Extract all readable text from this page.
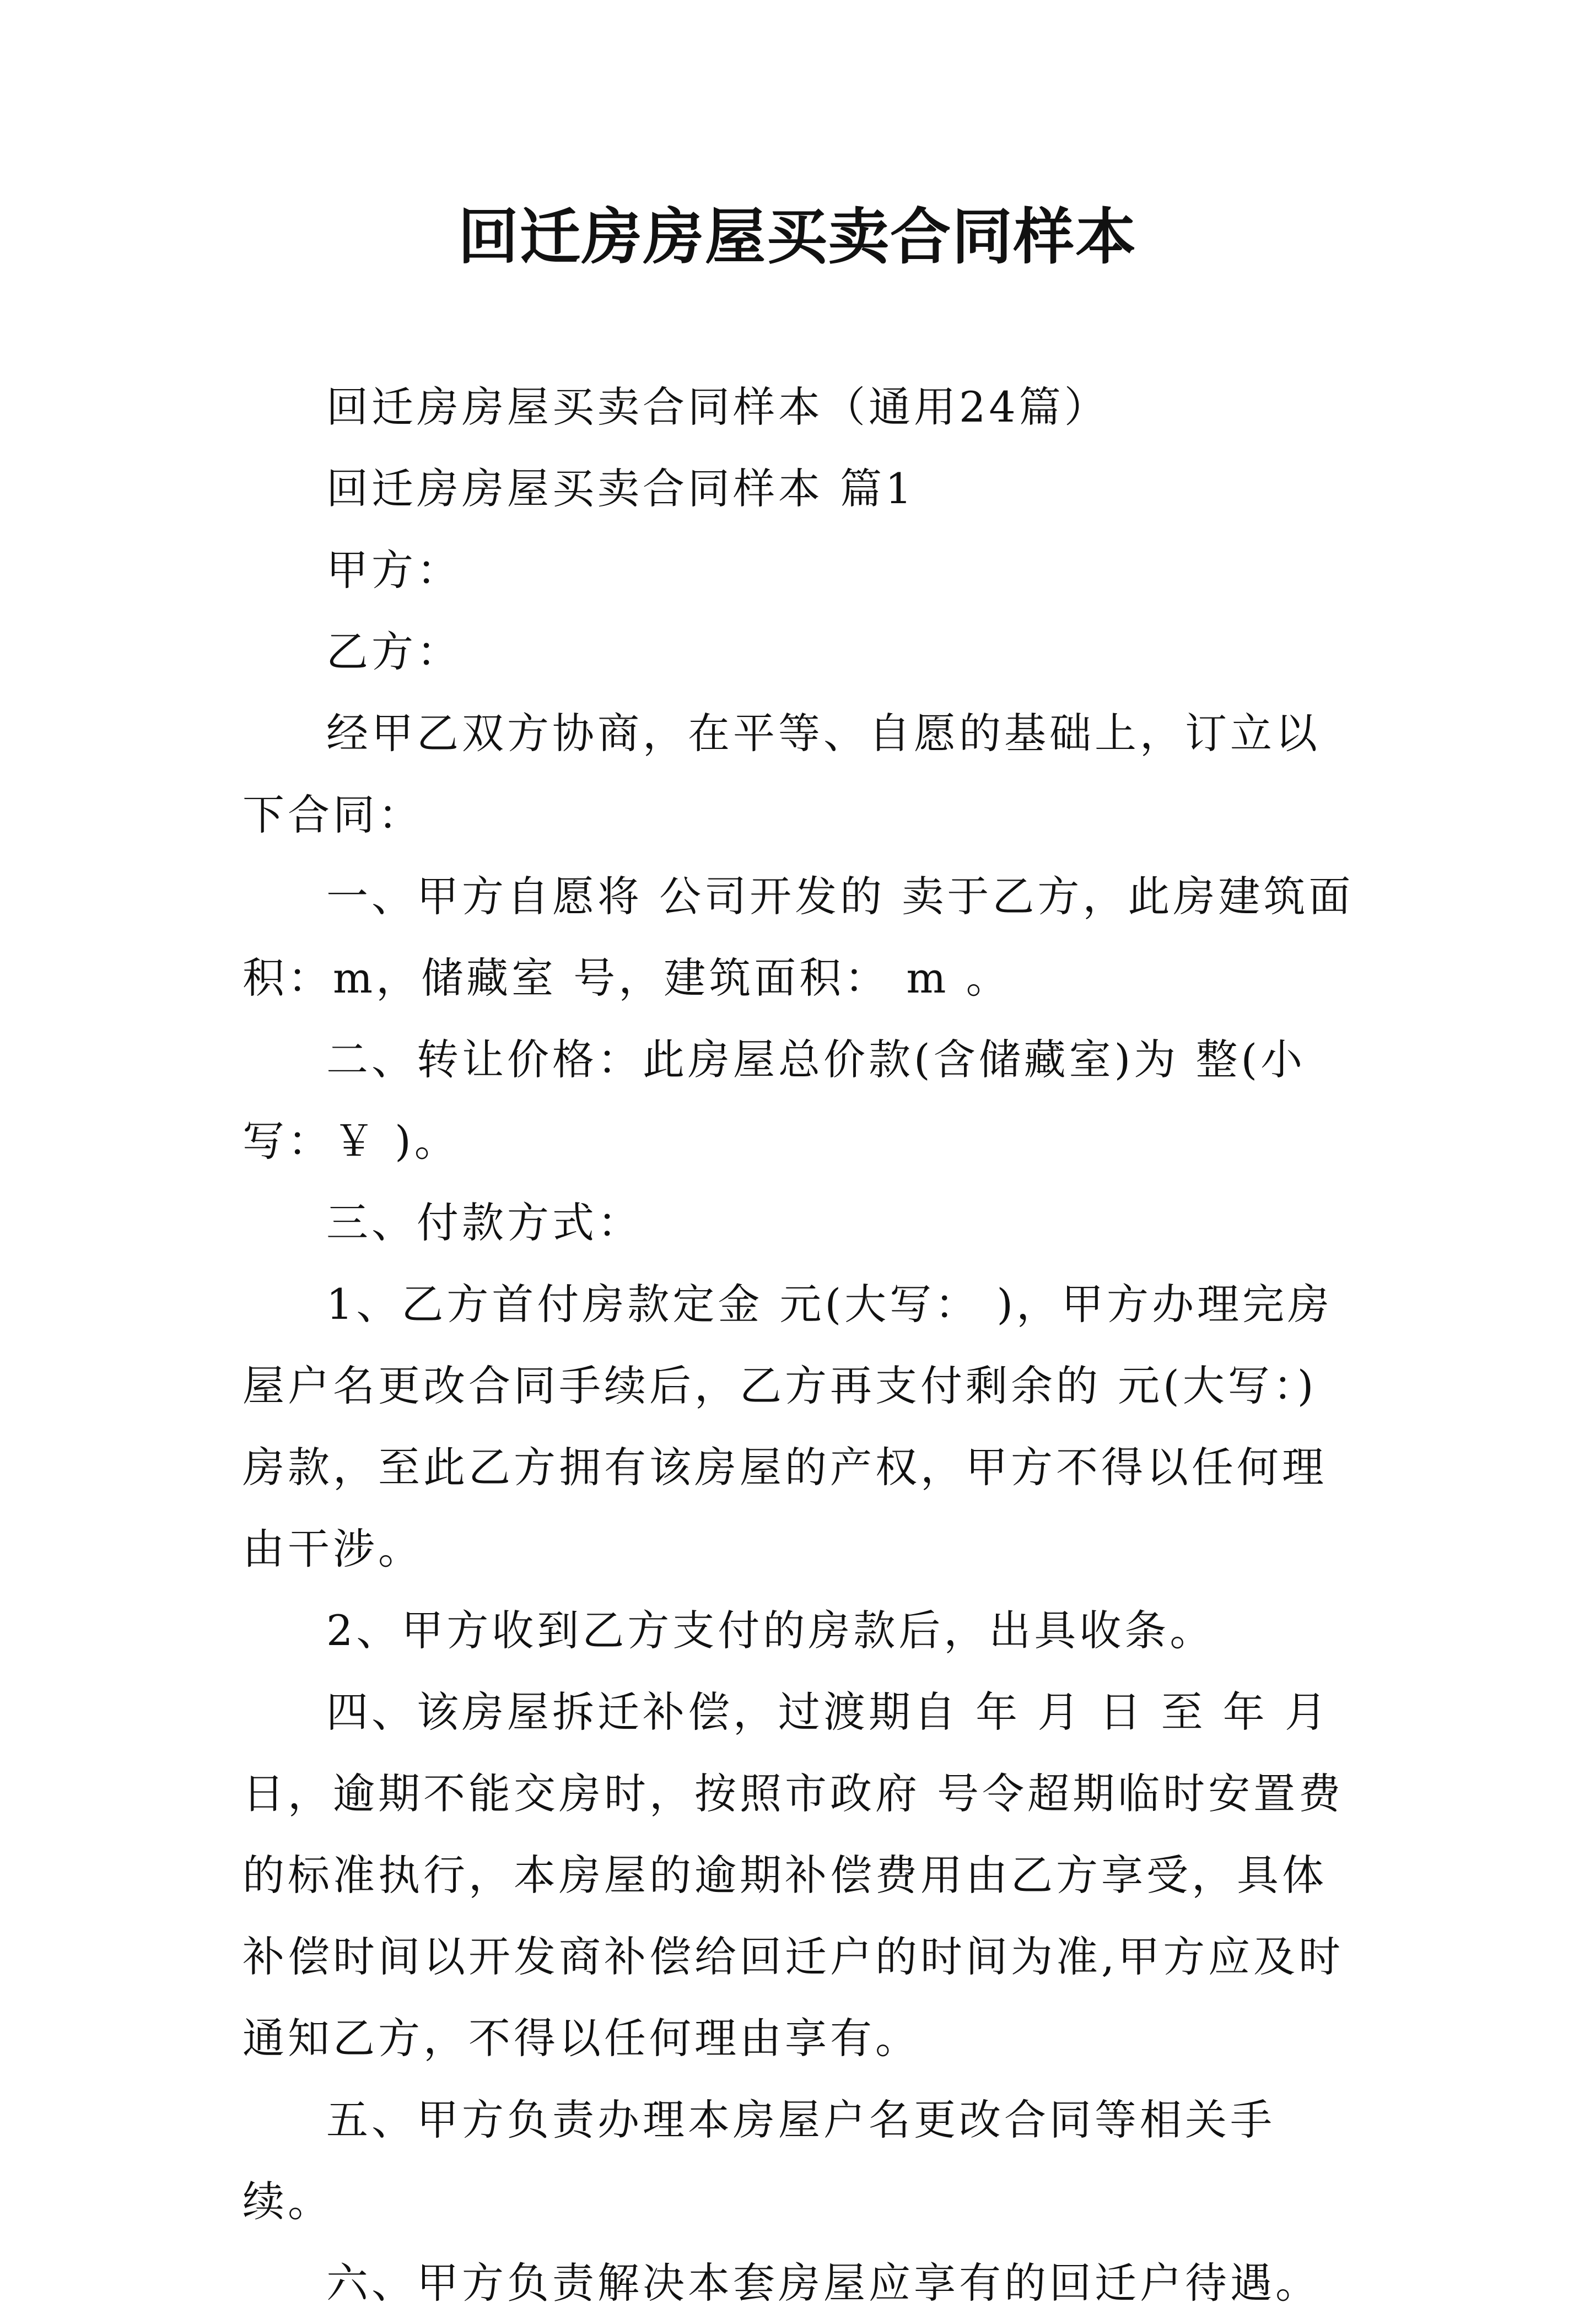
回迁房房屋买卖合同样本

回迁房房屋买卖合同样本（通用24篇）

回迁房房屋买卖合同样本 篇1

甲方：

乙方：

经甲乙双方协商，在平等、自愿的基础上，订立以下合同：

一、甲方自愿将 公司开发的 卖于乙方，此房建筑面积：m，储藏室 号，建筑面积： m 。

二、转让价格：此房屋总价款(含储藏室)为 整(小写：￥ )。

三、付款方式：

1、乙方首付房款定金 元(大写： )，甲方办理完房屋户名更改合同手续后，乙方再支付剩余的 元(大写：)房款，至此乙方拥有该房屋的产权，甲方不得以任何理由干涉。

2、甲方收到乙方支付的房款后，出具收条。

四、该房屋拆迁补偿，过渡期自 年 月 日 至 年 月 日，逾期不能交房时，按照市政府 号令超期临时安置费的标准执行，本房屋的逾期补偿费用由乙方享受，具体补偿时间以开发商补偿给回迁户的时间为准,甲方应及时通知乙方，不得以任何理由享有。

五、甲方负责办理本房屋户名更改合同等相关手续。

六、甲方负责解决本套房屋应享有的回迁户待遇。
